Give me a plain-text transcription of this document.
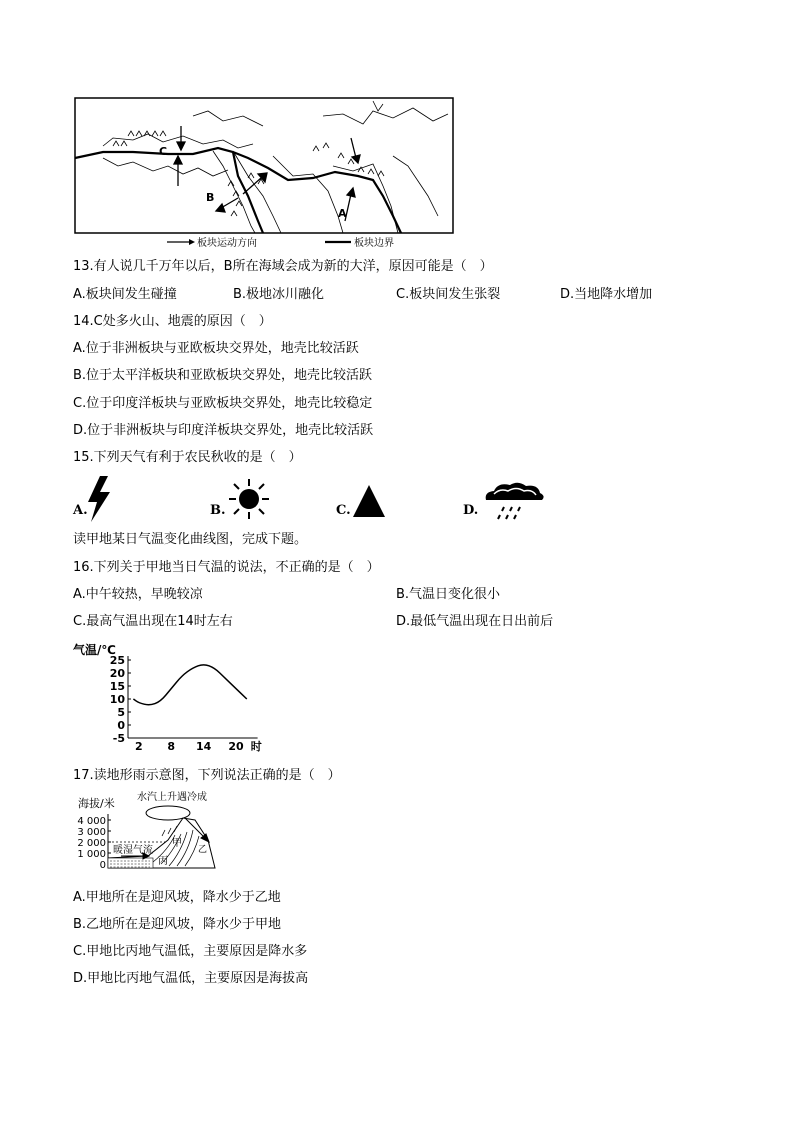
C
B
A
板块运动方向	板块边界
13.有人说几千万年以后，B所在海域会成为新的大洋，原因可能是（　）
A.板块间发生碰撞	B.极地冰川融化	C.板块间发生张裂	D.当地降水增加
14.C处多火山、地震的原因（　）
A.位于非洲板块与亚欧板块交界处，地壳比较活跃
B.位于太平洋板块和亚欧板块交界处，地壳比较活跃
C.位于印度洋板块与亚欧板块交界处，地壳比较稳定
D.位于非洲板块与印度洋板块交界处，地壳比较活跃
15.下列天气有利于农民秋收的是（　）
A.	B.	C.	D.
读甲地某日气温变化曲线图，完成下题。
16.下列关于甲地当日气温的说法，不正确的是（　）
A.中午较热，早晚较凉	B.气温日变化很小
C.最高气温出现在14时左右	D.最低气温出现在日出前后
气温/℃
25
20
15
10
5
0
-5
2 8 14 20 时
17.读地形雨示意图，下列说法正确的是（　）
海拔/米 水汽上升遇冷成
4 000
3 000
2 000
1 000
0
暖湿气流
甲
丙
乙
A.甲地所在是迎风坡，降水少于乙地
B.乙地所在是迎风坡，降水少于甲地
C.甲地比丙地气温低，主要原因是降水多
D.甲地比丙地气温低，主要原因是海拔高
